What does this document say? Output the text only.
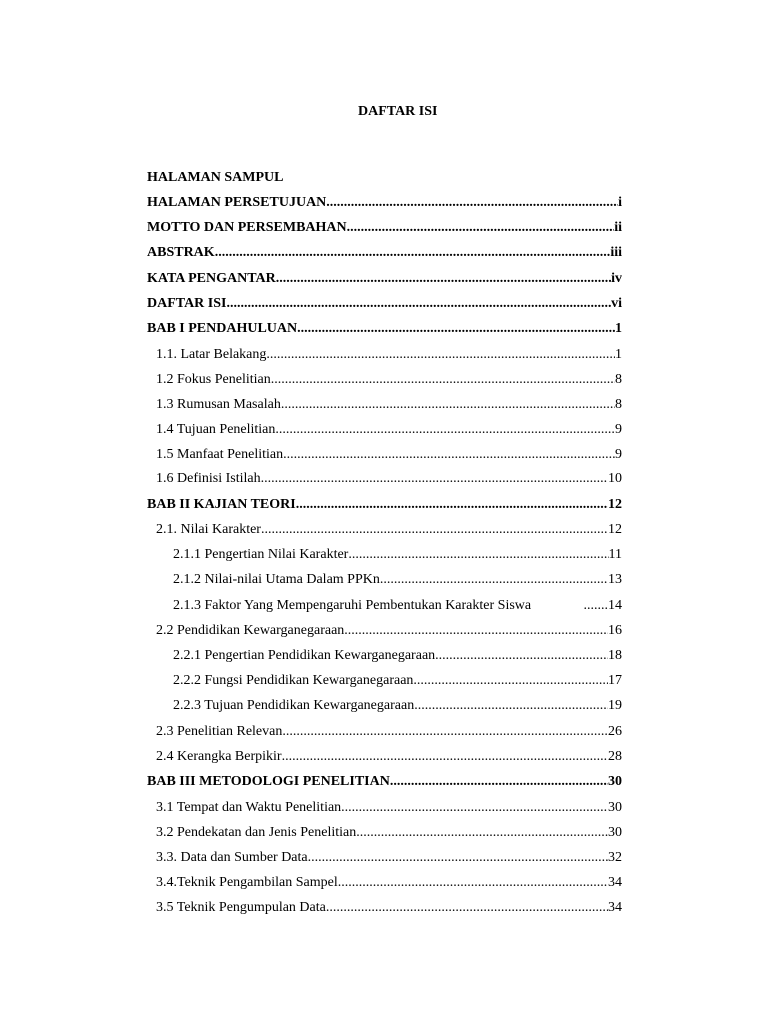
DAFTAR ISI
HALAMAN SAMPUL
HALAMAN PERSETUJUAN .....	i
MOTTO DAN PERSEMBAHAN .....	ii
ABSTRAK .....	iii
KATA PENGANTAR .....	iv
DAFTAR ISI .....	vi
BAB I PENDAHULUAN .....	1
1.1. Latar Belakang .....	1
1.2 Fokus Penelitian .....	8
1.3 Rumusan Masalah .....	8
1.4 Tujuan Penelitian .....	9
1.5 Manfaat Penelitian .....	9
1.6 Definisi Istilah .....	10
BAB II KAJIAN TEORI .....	12
2.1. Nilai Karakter .....	12
2.1.1 Pengertian Nilai Karakter .....	11
2.1.2 Nilai-nilai Utama Dalam PPKn .....	13
2.1.3 Faktor Yang Mempengaruhi Pembentukan Karakter Siswa	.......14
2.2 Pendidikan Kewarganegaraan .....	16
2.2.1 Pengertian Pendidikan Kewarganegaraan .....	18
2.2.2 Fungsi Pendidikan Kewarganegaraan .....	17
2.2.3 Tujuan Pendidikan Kewarganegaraan .....	19
2.3 Penelitian Relevan .....	26
2.4 Kerangka Berpikir .....	28
BAB III METODOLOGI PENELITIAN .....	30
3.1 Tempat dan Waktu Penelitian .....	30
3.2 Pendekatan dan Jenis Penelitian .....	30
3.3. Data dan Sumber Data .....	32
3.4.Teknik Pengambilan Sampel .....	34
3.5 Teknik Pengumpulan Data .....	34
